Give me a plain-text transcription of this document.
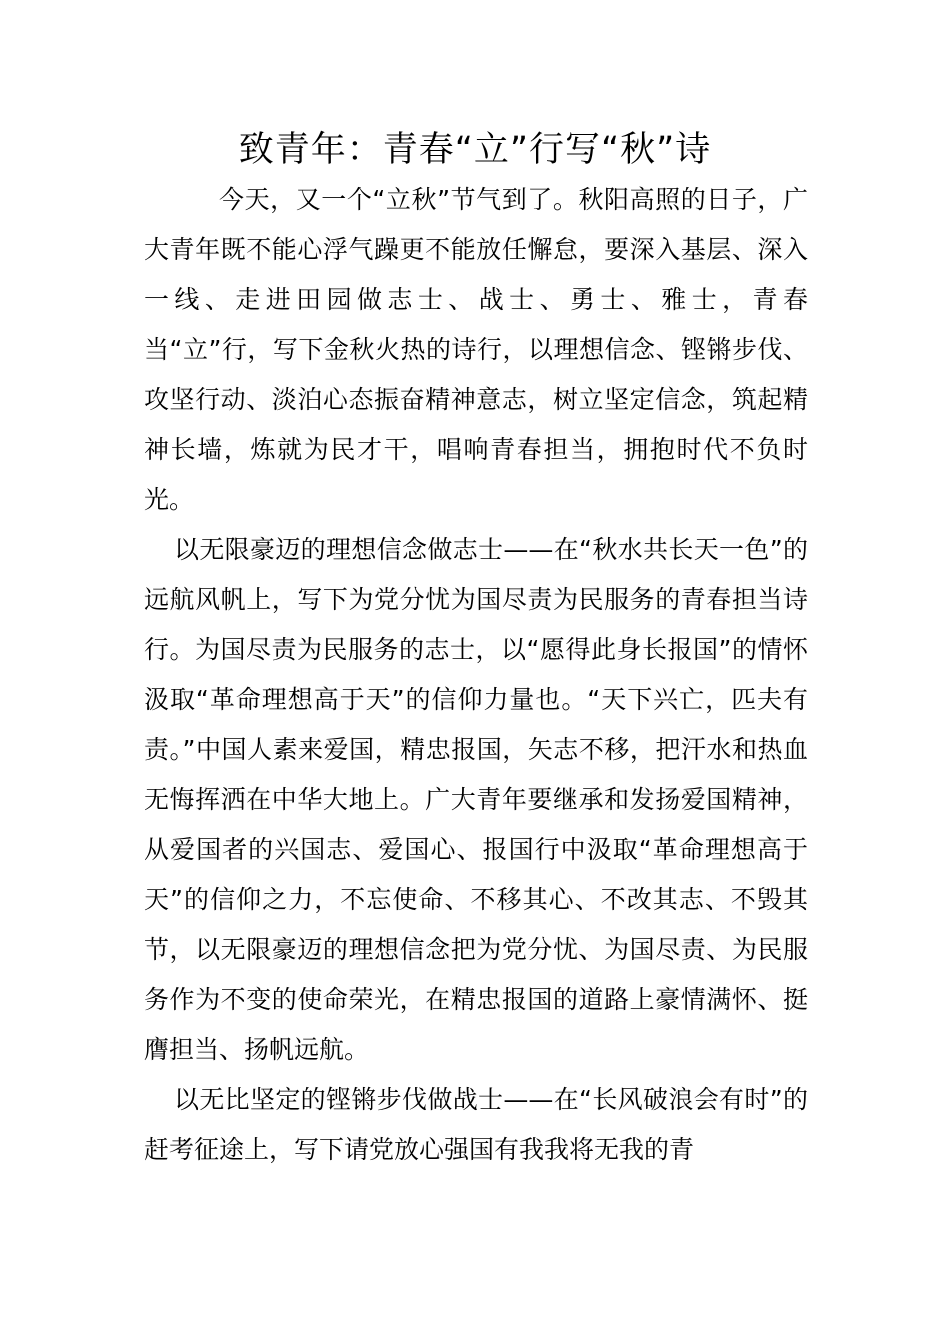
致青年：青春“立”行写“秋”诗

今天，又一个“立秋”节气到了。秋阳高照的日子，广大青年既不能心浮气躁更不能放任懈怠，要深入基层、深入一线、走进田园做志士、战士、勇士、雅士，青春当“立”行，写下金秋火热的诗行，以理想信念、铿锵步伐、攻坚行动、淡泊心态振奋精神意志，树立坚定信念，筑起精神长墙，炼就为民才干，唱响青春担当，拥抱时代不负时光。

以无限豪迈的理想信念做志士——在“秋水共长天一色”的远航风帆上，写下为党分忧为国尽责为民服务的青春担当诗行。为国尽责为民服务的志士，以“愿得此身长报国”的情怀汲取“革命理想高于天”的信仰力量也。“天下兴亡，匹夫有责。”中国人素来爱国，精忠报国，矢志不移，把汗水和热血无悔挥洒在中华大地上。广大青年要继承和发扬爱国精神，从爱国者的兴国志、爱国心、报国行中汲取“革命理想高于天”的信仰之力，不忘使命、不移其心、不改其志、不毁其节，以无限豪迈的理想信念把为党分忧、为国尽责、为民服务作为不变的使命荣光，在精忠报国的道路上豪情满怀、挺膺担当、扬帆远航。

以无比坚定的铿锵步伐做战士——在“长风破浪会有时”的赶考征途上，写下请党放心强国有我我将无我的青
